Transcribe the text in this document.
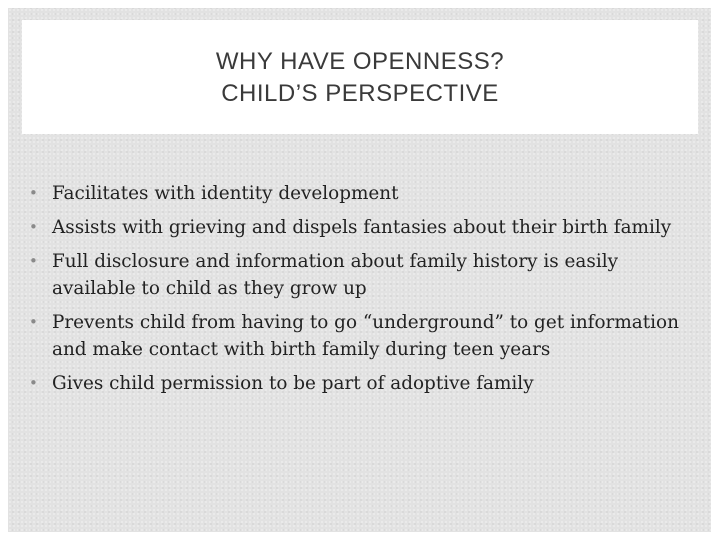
WHY HAVE OPENNESS?
CHILD’S PERSPECTIVE
• Facilitates with identity development
• Assists with grieving and dispels fantasies about their birth family
• Full disclosure and information about family history is easily available to child as they grow up
• Prevents child from having to go “underground” to get information and make contact with birth family during teen years
• Gives child permission to be part of adoptive family
